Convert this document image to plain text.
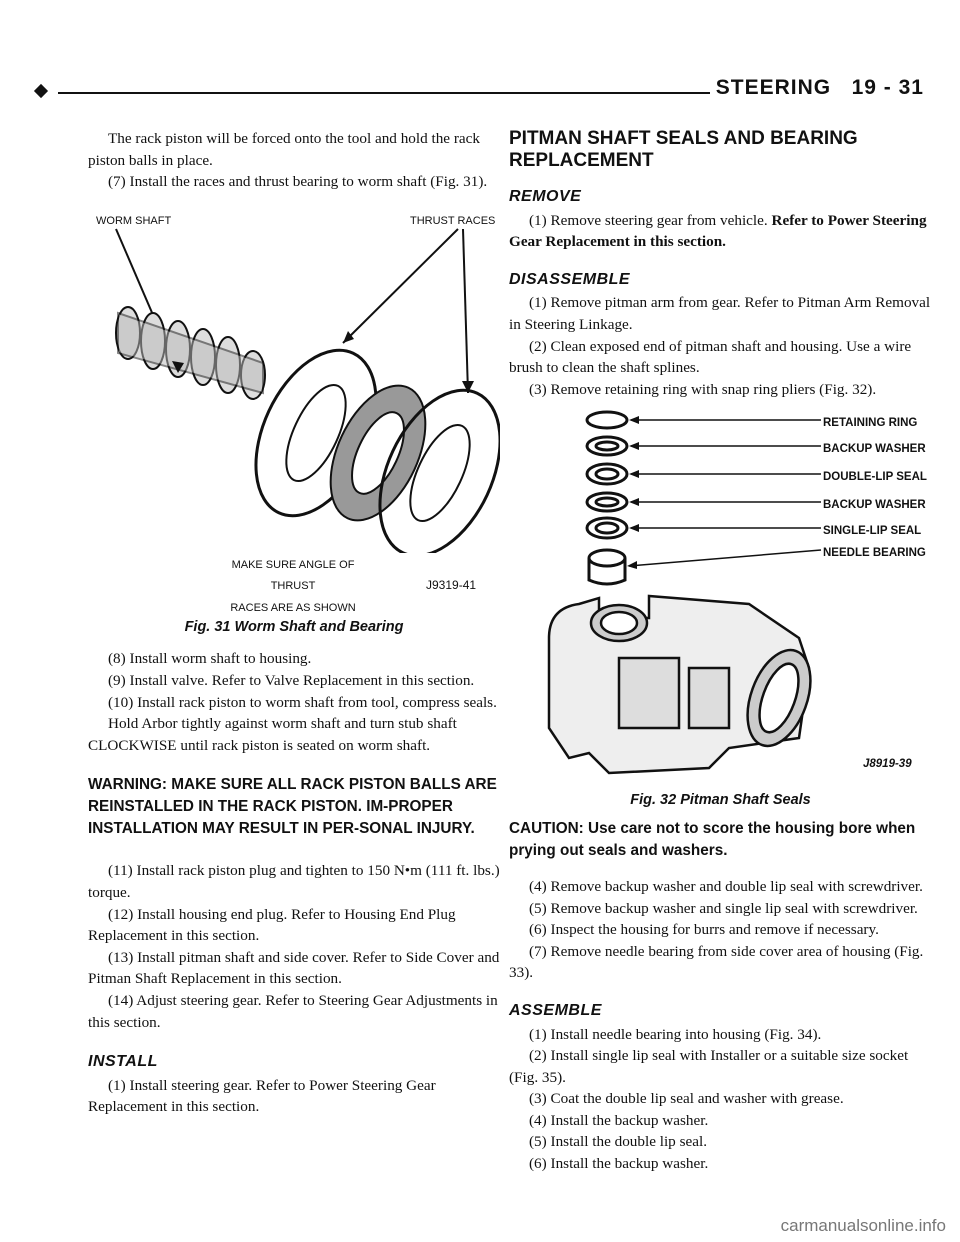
STEERING 19 - 31

The rack piston will be forced onto the tool and hold the rack piston balls in place.

(7) Install the races and thrust bearing to worm shaft (Fig. 31).

WORM SHAFT	THRUST RACES
MAKE SURE ANGLE OF THRUST
RACES ARE AS SHOWN
J9319-41

Fig. 31 Worm Shaft and Bearing

(8) Install worm shaft to housing.

(9) Install valve. Refer to Valve Replacement in this section.

(10) Install rack piston to worm shaft from tool, compress seals.

Hold Arbor tightly against worm shaft and turn stub shaft CLOCKWISE until rack piston is seated on worm shaft.

WARNING: MAKE SURE ALL RACK PISTON BALLS ARE REINSTALLED IN THE RACK PISTON. IM-PROPER INSTALLATION MAY RESULT IN PER-SONAL INJURY.

(11) Install rack piston plug and tighten to 150 N•m (111 ft. lbs.) torque.

(12) Install housing end plug. Refer to Housing End Plug Replacement in this section.

(13) Install pitman shaft and side cover. Refer to Side Cover and Pitman Shaft Replacement in this section.

(14) Adjust steering gear. Refer to Steering Gear Adjustments in this section.

INSTALL

(1) Install steering gear. Refer to Power Steering Gear Replacement in this section.

PITMAN SHAFT SEALS AND BEARING REPLACEMENT

REMOVE

(1) Remove steering gear from vehicle. Refer to Power Steering Gear Replacement in this section.

DISASSEMBLE

(1) Remove pitman arm from gear. Refer to Pitman Arm Removal in Steering Linkage.

(2) Clean exposed end of pitman shaft and housing. Use a wire brush to clean the shaft splines.

(3) Remove retaining ring with snap ring pliers (Fig. 32).

RETAINING RING
BACKUP WASHER
DOUBLE-LIP SEAL
BACKUP WASHER
SINGLE-LIP SEAL
NEEDLE BEARING
J8919-39

Fig. 32 Pitman Shaft Seals

CAUTION: Use care not to score the housing bore when prying out seals and washers.

(4) Remove backup washer and double lip seal with screwdriver.

(5) Remove backup washer and single lip seal with screwdriver.

(6) Inspect the housing for burrs and remove if necessary.

(7) Remove needle bearing from side cover area of housing (Fig. 33).

ASSEMBLE

(1) Install needle bearing into housing (Fig. 34).

(2) Install single lip seal with Installer or a suitable size socket (Fig. 35).

(3) Coat the double lip seal and washer with grease.

(4) Install the backup washer.

(5) Install the double lip seal.

(6) Install the backup washer.

carmanualsonline.info
